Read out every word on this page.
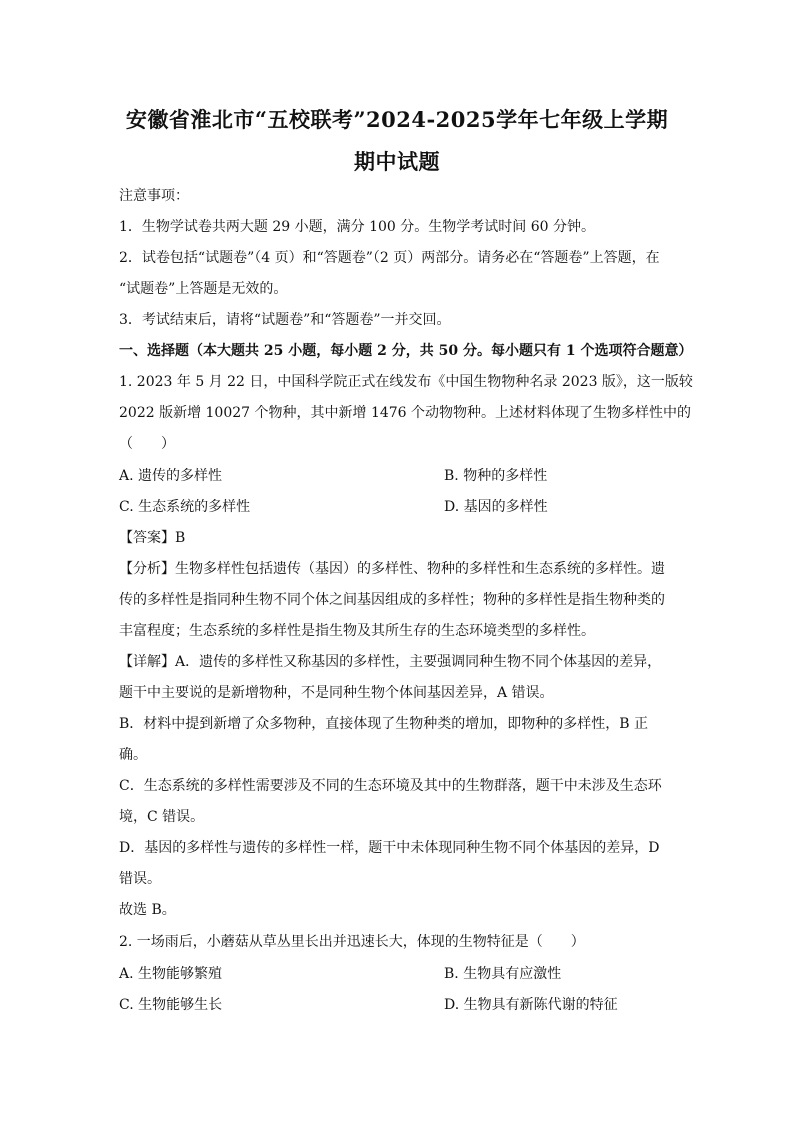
安徽省淮北市“五校联考”2024-2025学年七年级上学期
期中试题
注意事项：
1．生物学试卷共两大题 29 小题，满分 100 分。生物学考试时间 60 分钟。
2．试卷包括“试题卷”（4 页）和“答题卷”（2 页）两部分。请务必在“答题卷”上答题，在
“试题卷”上答题是无效的。
3．考试结束后，请将“试题卷”和“答题卷”一并交回。
一、选择题（本大题共 25 小题，每小题 2 分，共 50 分。每小题只有 1 个选项符合题意）
1. 2023 年 5 月 22 日，中国科学院正式在线发布《中国生物物种名录 2023 版》，这一版较
2022 版新增 10027 个物种，其中新增 1476 个动物物种。上述材料体现了生物多样性中的
（　　）
A. 遗传的多样性	B. 物种的多样性
C. 生态系统的多样性	D. 基因的多样性
【答案】B
【分析】生物多样性包括遗传（基因）的多样性、物种的多样性和生态系统的多样性。遗
传的多样性是指同种生物不同个体之间基因组成的多样性；物种的多样性是指生物种类的
丰富程度；生态系统的多样性是指生物及其所生存的生态环境类型的多样性。
【详解】A．遗传的多样性又称基因的多样性，主要强调同种生物不同个体基因的差异，
题干中主要说的是新增物种，不是同种生物个体间基因差异，A 错误。
B．材料中提到新增了众多物种，直接体现了生物种类的增加，即物种的多样性，B 正
确。
C．生态系统的多样性需要涉及不同的生态环境及其中的生物群落，题干中未涉及生态环
境，C 错误。
D．基因的多样性与遗传的多样性一样，题干中未体现同种生物不同个体基因的差异，D
错误。
故选 B。
2. 一场雨后，小蘑菇从草丛里长出并迅速长大，体现的生物特征是（　　）
A. 生物能够繁殖	B. 生物具有应激性
C. 生物能够生长	D. 生物具有新陈代谢的特征
